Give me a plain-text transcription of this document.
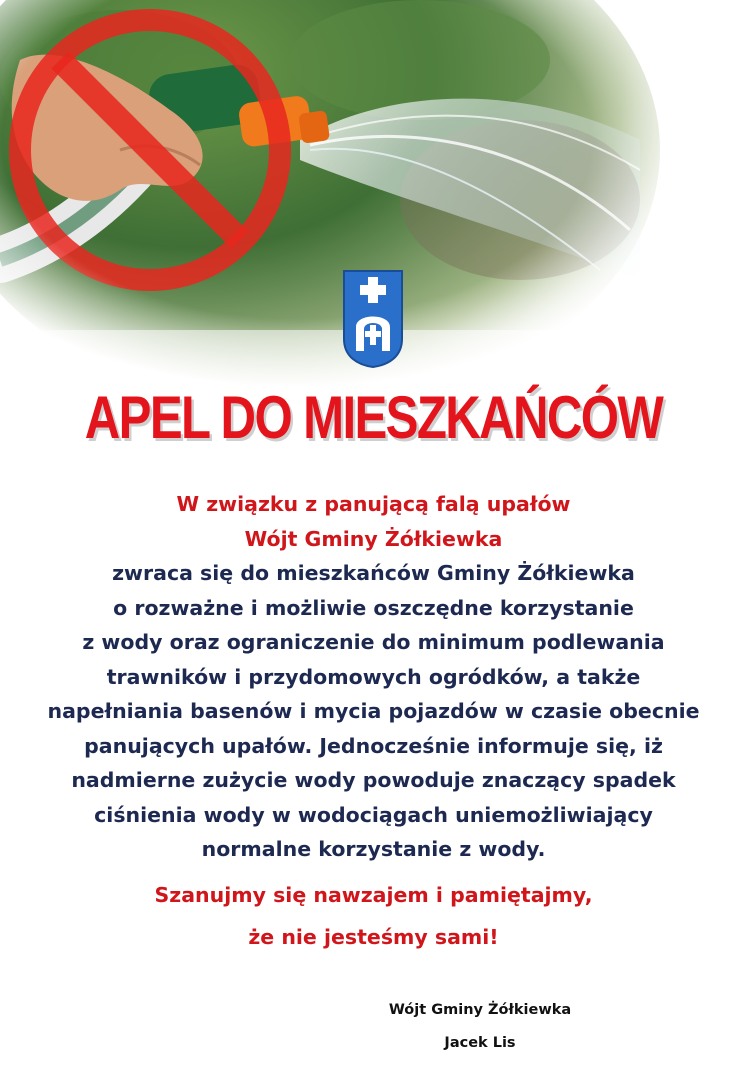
APEL DO MIESZKAŃCÓW
W związku z panującą falą upałów
Wójt Gminy Żółkiewka
zwraca się do mieszkańców Gminy Żółkiewka
o rozważne i możliwie oszczędne korzystanie
z wody oraz ograniczenie do minimum podlewania
trawników i przydomowych ogródków, a także
napełniania basenów i mycia pojazdów w czasie obecnie
panujących upałów. Jednocześnie informuje się, iż
nadmierne zużycie wody powoduje znaczący spadek
ciśnienia wody w wodociągach uniemożliwiający
normalne korzystanie z wody.
Szanujmy się nawzajem i pamiętajmy,
że nie jesteśmy sami!
Wójt Gminy Żółkiewka
Jacek Lis
